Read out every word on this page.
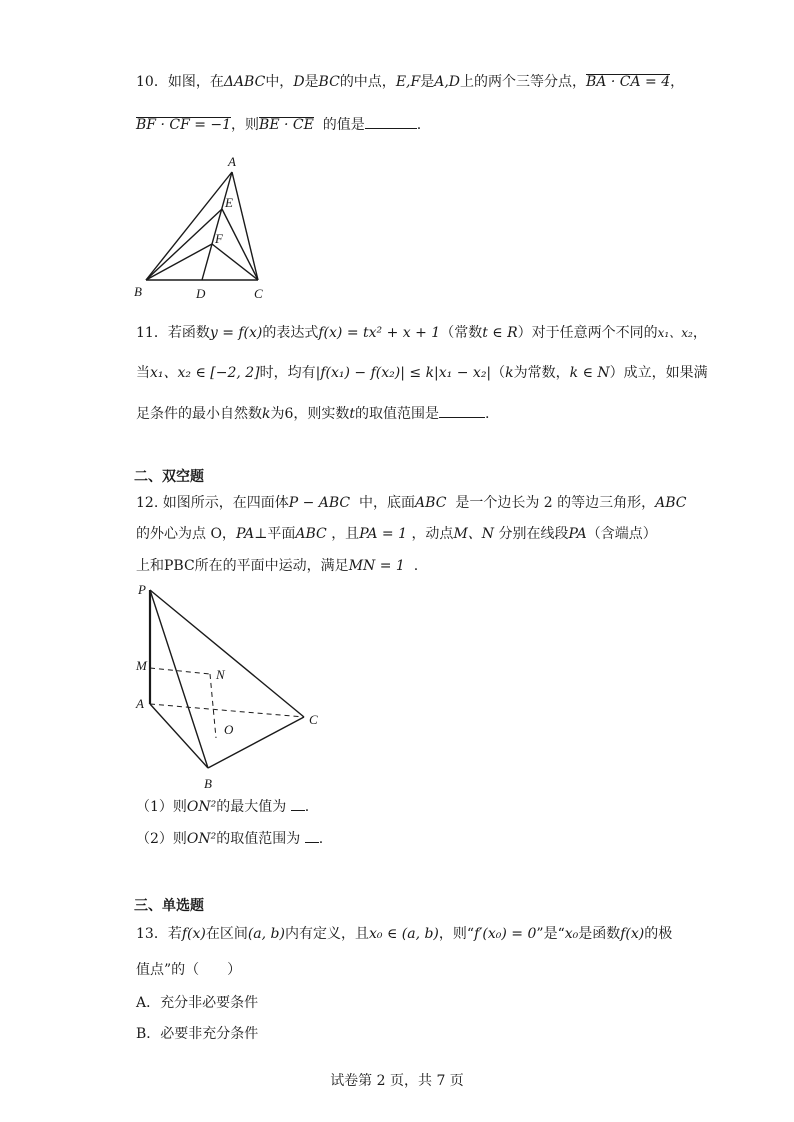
10．如图，在ΔABC中，D是BC的中点，E,F是A,D上的两个三等分点，BA · CA = 4，
BF · CF = −1，则BE · CE 的值是	.
A
E
F
B	D	C
11．若函数y = f(x)的表达式f(x) = tx² + x + 1（常数t ∈ R）对于任意两个不同的x₁、x₂，
当x₁、x₂ ∈ [−2, 2]时，均有|f(x₁) − f(x₂)| ≤ k|x₁ − x₂|（k为常数，k ∈ N）成立，如果满
足条件的最小自然数k为6，则实数t的取值范围是	.
二、双空题
12. 如图所示，在四面体P − ABC 中，底面ABC 是一个边长为 2 的等边三角形，ABC
的外心为点 O，PA⊥平面ABC ，且PA = 1 ，动点M、N 分别在线段PA（含端点）
上和PBC所在的平面中运动，满足MN = 1 .
P
M
N
A
O
C
B
（1）则ON²的最大值为 .
（2）则ON²的取值范围为 .
三、单选题
13．若f(x)在区间(a, b)内有定义，且x₀ ∈ (a, b)，则“f′(x₀) = 0”是“x₀是函数f(x)的极
值点”的（　　）
A．充分非必要条件
B．必要非充分条件
试卷第 2 页，共 7 页
